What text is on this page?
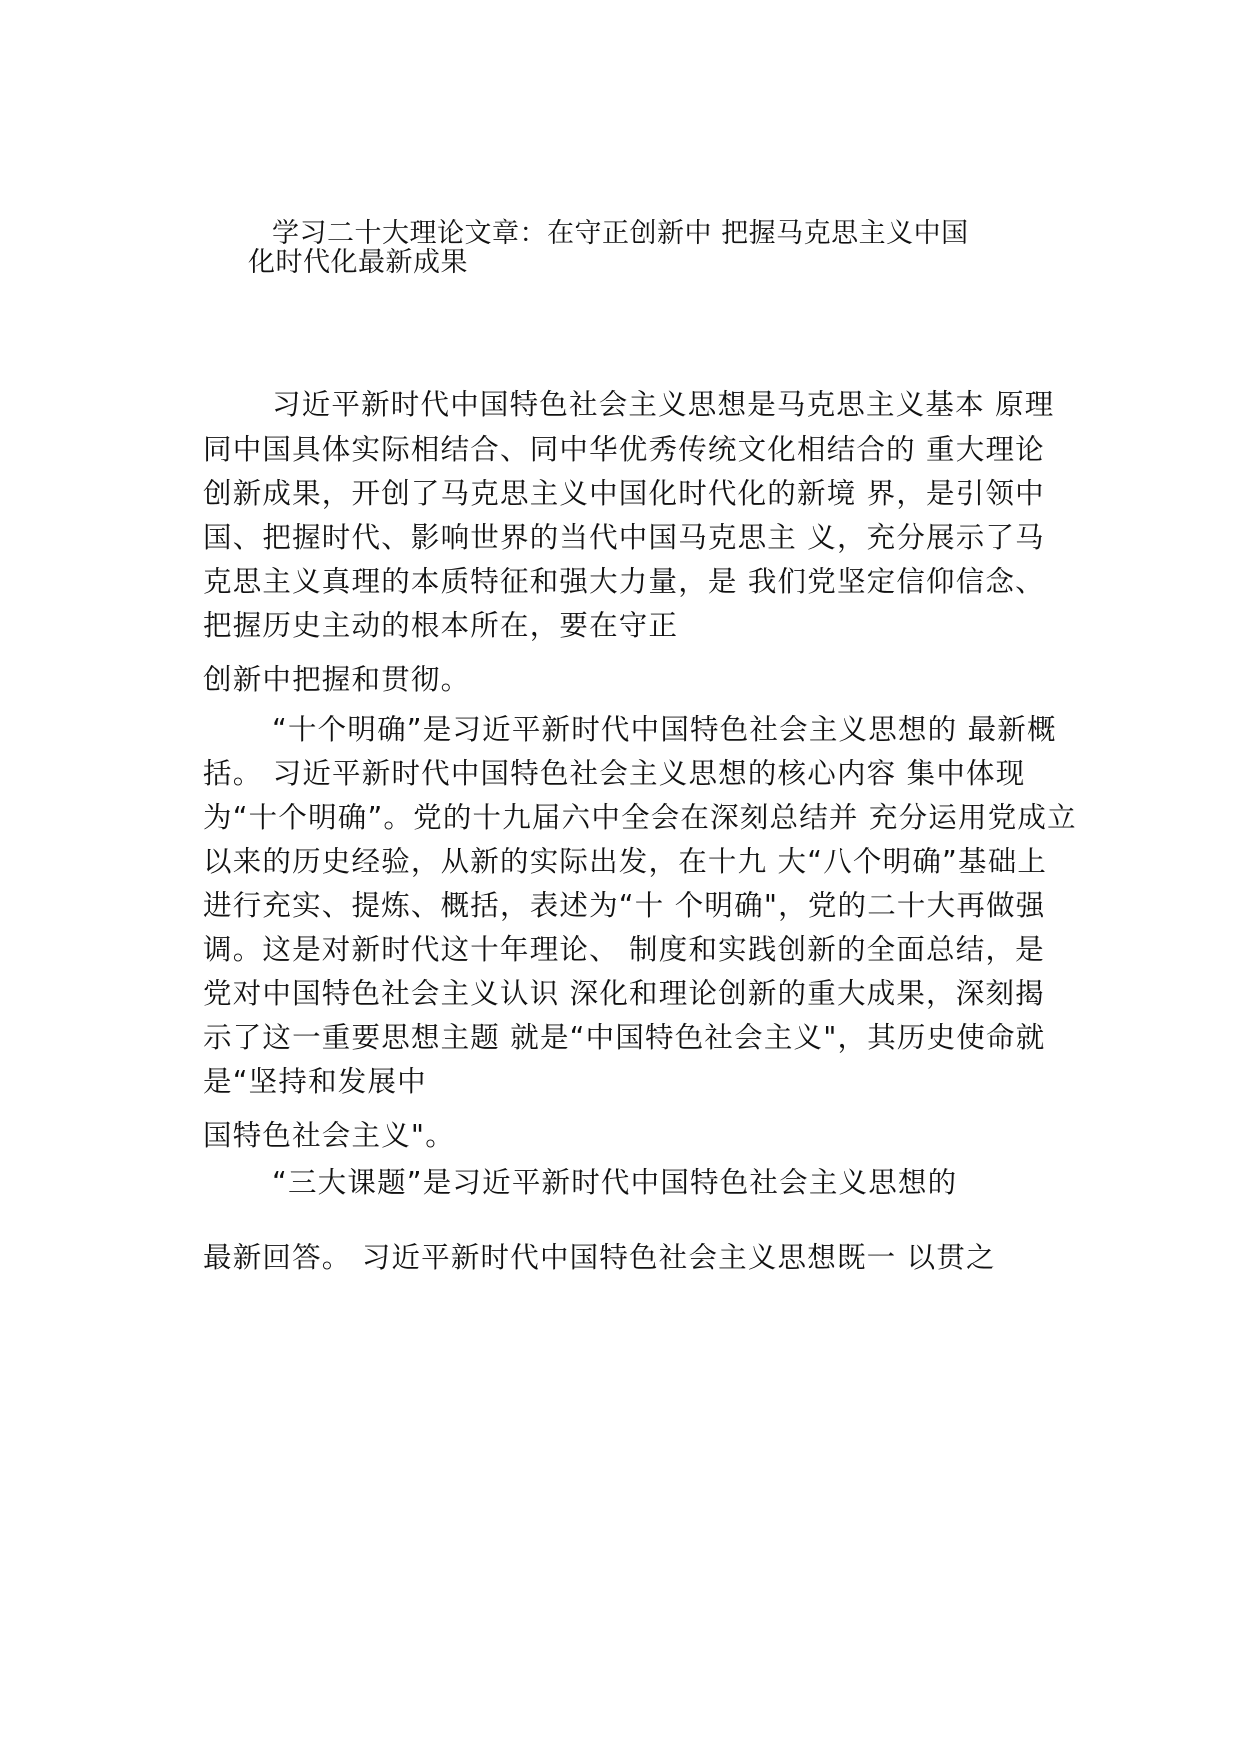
学习二十大理论文章：在守正创新中 把握马克思主义中国
化时代化最新成果
习近平新时代中国特色社会主义思想是马克思主义基本 原理
同中国具体实际相结合、同中华优秀传统文化相结合的 重大理论
创新成果，开创了马克思主义中国化时代化的新境 界，是引领中
国、把握时代、影响世界的当代中国马克思主 义，充分展示了马
克思主义真理的本质特征和强大力量，是 我们党坚定信仰信念、
把握历史主动的根本所在，要在守正
创新中把握和贯彻。
“十个明确”是习近平新时代中国特色社会主义思想的 最新概
括。 习近平新时代中国特色社会主义思想的核心内容 集中体现
为“十个明确”。党的十九届六中全会在深刻总结并 充分运用党成立
以来的历史经验，从新的实际出发，在十九 大“八个明确”基础上
进行充实、提炼、概括，表述为“十 个明确"，党的二十大再做强
调。这是对新时代这十年理论、 制度和实践创新的全面总结，是
党对中国特色社会主义认识 深化和理论创新的重大成果，深刻揭
示了这一重要思想主题 就是“中国特色社会主义"，其历史使命就
是“坚持和发展中
国特色社会主义"。
“三大课题”是习近平新时代中国特色社会主义思想的
最新回答。 习近平新时代中国特色社会主义思想既一 以贯之
